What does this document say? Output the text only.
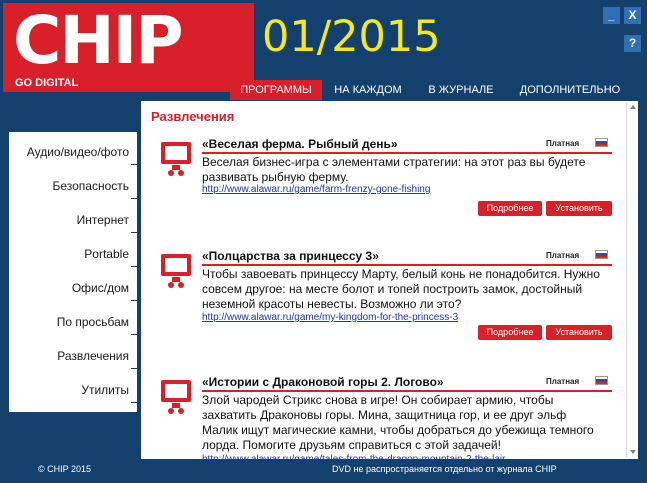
CHIP
GO DIGITAL
01/2015	_	X
?
ПРОГРАММЫ	НА КАЖДОМ	В ЖУРНАЛЕ	ДОПОЛНИТЕЛЬНО
Аудио/видео/фото
Безопасность
Интернет
Portable
Офис/дом
По просьбам
Развлечения
Утилиты
Развлечения
«Веселая ферма. Рыбный день»	Платная
Веселая бизнес-игра с элементами стратегии: на этот раз вы будете развивать рыбную ферму.
http://www.alawar.ru/game/farm-frenzy-gone-fishing
Подробнее	Установить
«Полцарства за принцессу 3»	Платная
Чтобы завоевать принцессу Марту, белый конь не понадобится. Нужно совсем другое: на месте болот и топей построить замок, достойный неземной красоты невесты. Возможно ли это?
http://www.alawar.ru/game/my-kingdom-for-the-princess-3
Подробнее	Установить
«Истории с Драконовой горы 2. Логово»	Платная
Злой чародей Стрикс снова в игре! Он собирает армию, чтобы захватить Драконовы горы. Мина, защитница гор, и ее друг эльф Малик ищут магические камни, чтобы добраться до убежища темного лорда. Помогите друзьям справиться с этой задачей!
http://www.alawar.ru/game/tales-from-the-dragon-mountain-2-the-lair
© CHIP 2015	DVD не распространяется отдельно от журнала CHIP
